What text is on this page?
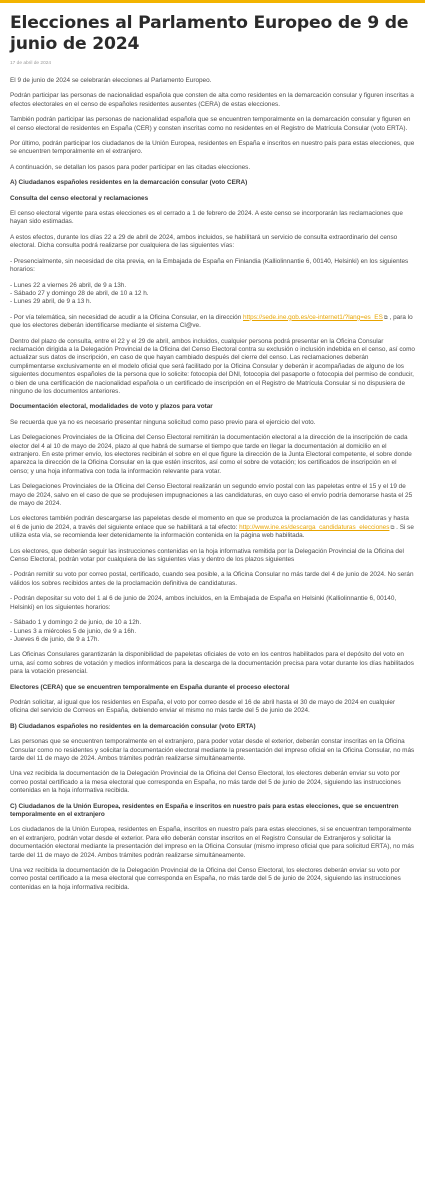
Elecciones al Parlamento Europeo de 9 de junio de 2024
17 de abril de 2024

El 9 de junio de 2024 se celebrarán elecciones al Parlamento Europeo.

Podrán participar las personas de nacionalidad española que consten de alta como residentes en la demarcación consular y figuren inscritas a efectos electorales en el censo de españoles residentes ausentes (CERA) de estas elecciones.

También podrán participar las personas de nacionalidad española que se encuentren temporalmente en la demarcación consular y figuren en el censo electoral de residentes en España (CER) y consten inscritas como no residentes en el Registro de Matrícula Consular (voto ERTA).

Por último, podrán participar los ciudadanos de la Unión Europea, residentes en España e inscritos en nuestro país para estas elecciones, que se encuentren temporalmente en el extranjero.

A continuación, se detallan los pasos para poder participar en las citadas elecciones.

A) Ciudadanos españoles residentes en la demarcación consular (voto CERA)

Consulta del censo electoral y reclamaciones

El censo electoral vigente para estas elecciones es el cerrado a 1 de febrero de 2024. A este censo se incorporarán las reclamaciones que hayan sido estimadas.

A estos efectos, durante los días 22 a 29 de abril de 2024, ambos incluidos, se habilitará un servicio de consulta extraordinario del censo electoral. Dicha consulta podrá realizarse por cualquiera de las siguientes vías:

- Presencialmente, sin necesidad de cita previa, en la Embajada de España en Finlandia (Kalliolinnantie 6, 00140, Helsinki) en los siguientes horarios:

- Lunes 22 a viernes 26 abril, de 9 a 13h.

- Sábado 27 y domingo 28 de abril, de 10 a 12 h.

- Lunes 29 abril, de 9 a 13 h.

- Por vía telemática, sin necesidad de acudir a la Oficina Consular, en la dirección https://sede.ine.gob.es/ce-internet1/?lang=es_ES⧉ , para lo que los electores deberán identificarse mediante el sistema Cl@ve.

Dentro del plazo de consulta, entre el 22 y el 29 de abril, ambos incluidos, cualquier persona podrá presentar en la Oficina Consular reclamación dirigida a la Delegación Provincial de la Oficina del Censo Electoral contra su exclusión o inclusión indebida en el censo, así como actualizar sus datos de inscripción, en caso de que hayan cambiado después del cierre del censo. Las reclamaciones deberán cumplimentarse exclusivamente en el modelo oficial que será facilitado por la Oficina Consular y deberán ir acompañadas de alguno de los siguientes documentos españoles de la persona que lo solicite: fotocopia del DNI, fotocopia del pasaporte o fotocopia del permiso de conducir, o bien de una certificación de nacionalidad española o un certificado de inscripción en el Registro de Matrícula Consular si no dispusiera de ninguno de los documentos anteriores.

Documentación electoral, modalidades de voto y plazos para votar

Se recuerda que ya no es necesario presentar ninguna solicitud como paso previo para el ejercicio del voto.

Las Delegaciones Provinciales de la Oficina del Censo Electoral remitirán la documentación electoral a la dirección de la inscripción de cada elector del 4 al 10 de mayo de 2024, plazo al que habrá de sumarse el tiempo que tarde en llegar la documentación al domicilio en el extranjero. En este primer envío, los electores recibirán el sobre en el que figure la dirección de la Junta Electoral competente, el sobre donde aparezca la dirección de la Oficina Consular en la que estén inscritos, así como el sobre de votación; los certificados de inscripción en el censo; y una hoja informativa con toda la información relevante para votar.

Las Delegaciones Provinciales de la Oficina del Censo Electoral realizarán un segundo envío postal con las papeletas entre el 15 y el 19 de mayo de 2024, salvo en el caso de que se produjesen impugnaciones a las candidaturas, en cuyo caso el envío podría demorarse hasta el 25 de mayo de 2024.

Los electores también podrán descargarse las papeletas desde el momento en que se produzca la proclamación de las candidaturas y hasta el 6 de junio de 2024, a través del siguiente enlace que se habilitará a tal efecto: http://www.ine.es/descarga_candidaturas_elecciones⧉ . Si se utiliza esta vía, se recomienda leer detenidamente la información contenida en la página web habilitada.

Los electores, que deberán seguir las instrucciones contenidas en la hoja informativa remitida por la Delegación Provincial de la Oficina del Censo Electoral, podrán votar por cualquiera de las siguientes vías y dentro de los plazos siguientes

- Podrán remitir su voto por correo postal, certificado, cuando sea posible, a la Oficina Consular no más tarde del 4 de junio de 2024. No serán válidos los sobres recibidos antes de la proclamación definitiva de candidaturas.

- Podrán depositar su voto del 1 al 6 de junio de 2024, ambos incluidos, en la Embajada de España en Helsinki (Kalliolinnantie 6, 00140, Helsinki) en los siguientes horarios:

- Sábado 1 y domingo 2 de junio, de 10 a 12h.

- Lunes 3 a miércoles 5 de junio, de 9 a 16h.

- Jueves 6 de junio, de 9 a 17h.

Las Oficinas Consulares garantizarán la disponibilidad de papeletas oficiales de voto en los centros habilitados para el depósito del voto en urna, así como sobres de votación y medios informáticos para la descarga de la documentación precisa para votar durante los días habilitados para la votación presencial.

Electores (CERA) que se encuentren temporalmente en España durante el proceso electoral

Podrán solicitar, al igual que los residentes en España, el voto por correo desde el 16 de abril hasta el 30 de mayo de 2024 en cualquier oficina del servicio de Correos en España, debiendo enviar el mismo no más tarde del 5 de junio de 2024.

B) Ciudadanos españoles no residentes en la demarcación consular (voto ERTA)

Las personas que se encuentren temporalmente en el extranjero, para poder votar desde el exterior, deberán constar inscritas en la Oficina Consular como no residentes y solicitar la documentación electoral mediante la presentación del impreso oficial en la Oficina Consular, no más tarde del 11 de mayo de 2024. Ambos trámites podrán realizarse simultáneamente.

Una vez recibida la documentación de la Delegación Provincial de la Oficina del Censo Electoral, los electores deberán enviar su voto por correo postal certificado a la mesa electoral que corresponda en España, no más tarde del 5 de junio de 2024, siguiendo las instrucciones contenidas en la hoja informativa recibida.

C) Ciudadanos de la Unión Europea, residentes en España e inscritos en nuestro país para estas elecciones, que se encuentren temporalmente en el extranjero

Los ciudadanos de la Unión Europea, residentes en España, inscritos en nuestro país para estas elecciones, si se encuentran temporalmente en el extranjero, podrán votar desde el exterior. Para ello deberán constar inscritos en el Registro Consular de Extranjeros y solicitar la documentación electoral mediante la presentación del impreso en la Oficina Consular (mismo impreso oficial que para solicitud ERTA), no más tarde del 11 de mayo de 2024. Ambos trámites podrán realizarse simultáneamente.

Una vez recibida la documentación de la Delegación Provincial de la Oficina del Censo Electoral, los electores deberán enviar su voto por correo postal certificado a la mesa electoral que corresponda en España, no más tarde del 5 de junio de 2024, siguiendo las instrucciones contenidas en la hoja informativa recibida.
